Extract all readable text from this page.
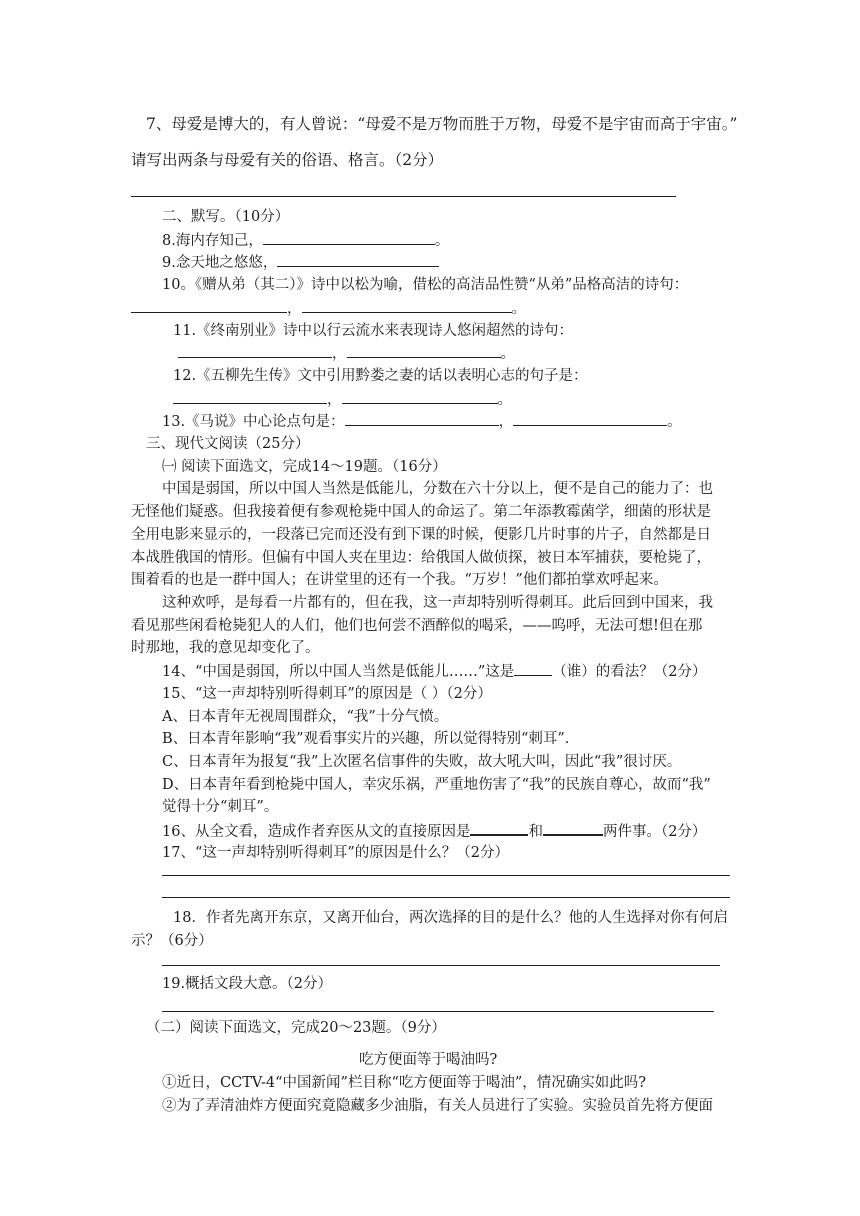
7、母爱是博大的，有人曾说：“母爱不是万物而胜于万物，母爱不是宇宙而高于宇宙。”
请写出两条与母爱有关的俗语、格言。（2分）
二、默写。（10分）
8.海内存知己，	。
9.念天地之悠悠，
10。《赠从弟（其二）》诗中以松为喻，借松的高洁品性赞“从弟”品格高洁的诗句：
，	。
11.《终南别业》诗中以行云流水来表现诗人悠闲超然的诗句：
，	。
12.《五柳先生传》文中引用黔娄之妻的话以表明心志的句子是：
，	。
13.《马说》中心论点句是：	，	。
三、现代文阅读（25分）
㈠ 阅读下面选文，完成14～19题。（16分）
中国是弱国，所以中国人当然是低能儿，分数在六十分以上，便不是自己的能力了：也
无怪他们疑惑。但我接着便有参观枪毙中国人的命运了。第二年添教霉菌学，细菌的形状是
全用电影来显示的，一段落已完而还没有到下课的时候，便影几片时事的片子，自然都是日
本战胜俄国的情形。但偏有中国人夹在里边：给俄国人做侦探，被日本军捕获，要枪毙了，
围着看的也是一群中国人；在讲堂里的还有一个我。“万岁！”他们都拍掌欢呼起来。
这种欢呼，是每看一片都有的，但在我，这一声却特别听得刺耳。此后回到中国来，我
看见那些闲看枪毙犯人的人们，他们也何尝不酒醉似的喝采，——呜呼，无法可想!但在那
时那地，我的意见却变化了。
14、“中国是弱国，所以中国人当然是低能儿……”这是	（谁）的看法？（2分）
15、“这一声却特别听得刺耳”的原因是（ ）（2分）
A、日本青年无视周围群众，“我”十分气愤。
B、日本青年影响“我”观看事实片的兴趣，所以觉得特别“刺耳”.
C、日本青年为报复“我”上次匿名信事件的失败，故大吼大叫，因此“我”很讨厌。
D、日本青年看到枪毙中国人，幸灾乐祸，严重地伤害了“我”的民族自尊心，故而“我”
觉得十分“刺耳”。
16、从全文看，造成作者弃医从文的直接原因是	和	两件事。（2分）
17、“这一声却特别听得刺耳”的原因是什么？（2分）
18．作者先离开东京，又离开仙台，两次选择的目的是什么？他的人生选择对你有何启
示？（6分）
19.概括文段大意。（2分）
（二）阅读下面选文，完成20～23题。（9分）
吃方便面等于喝油吗?
①近日，CCTV-4“中国新闻”栏目称“吃方便面等于喝油”，情况确实如此吗?
②为了弄清油炸方便面究竟隐藏多少油脂，有关人员进行了实验。实验员首先将方便面
